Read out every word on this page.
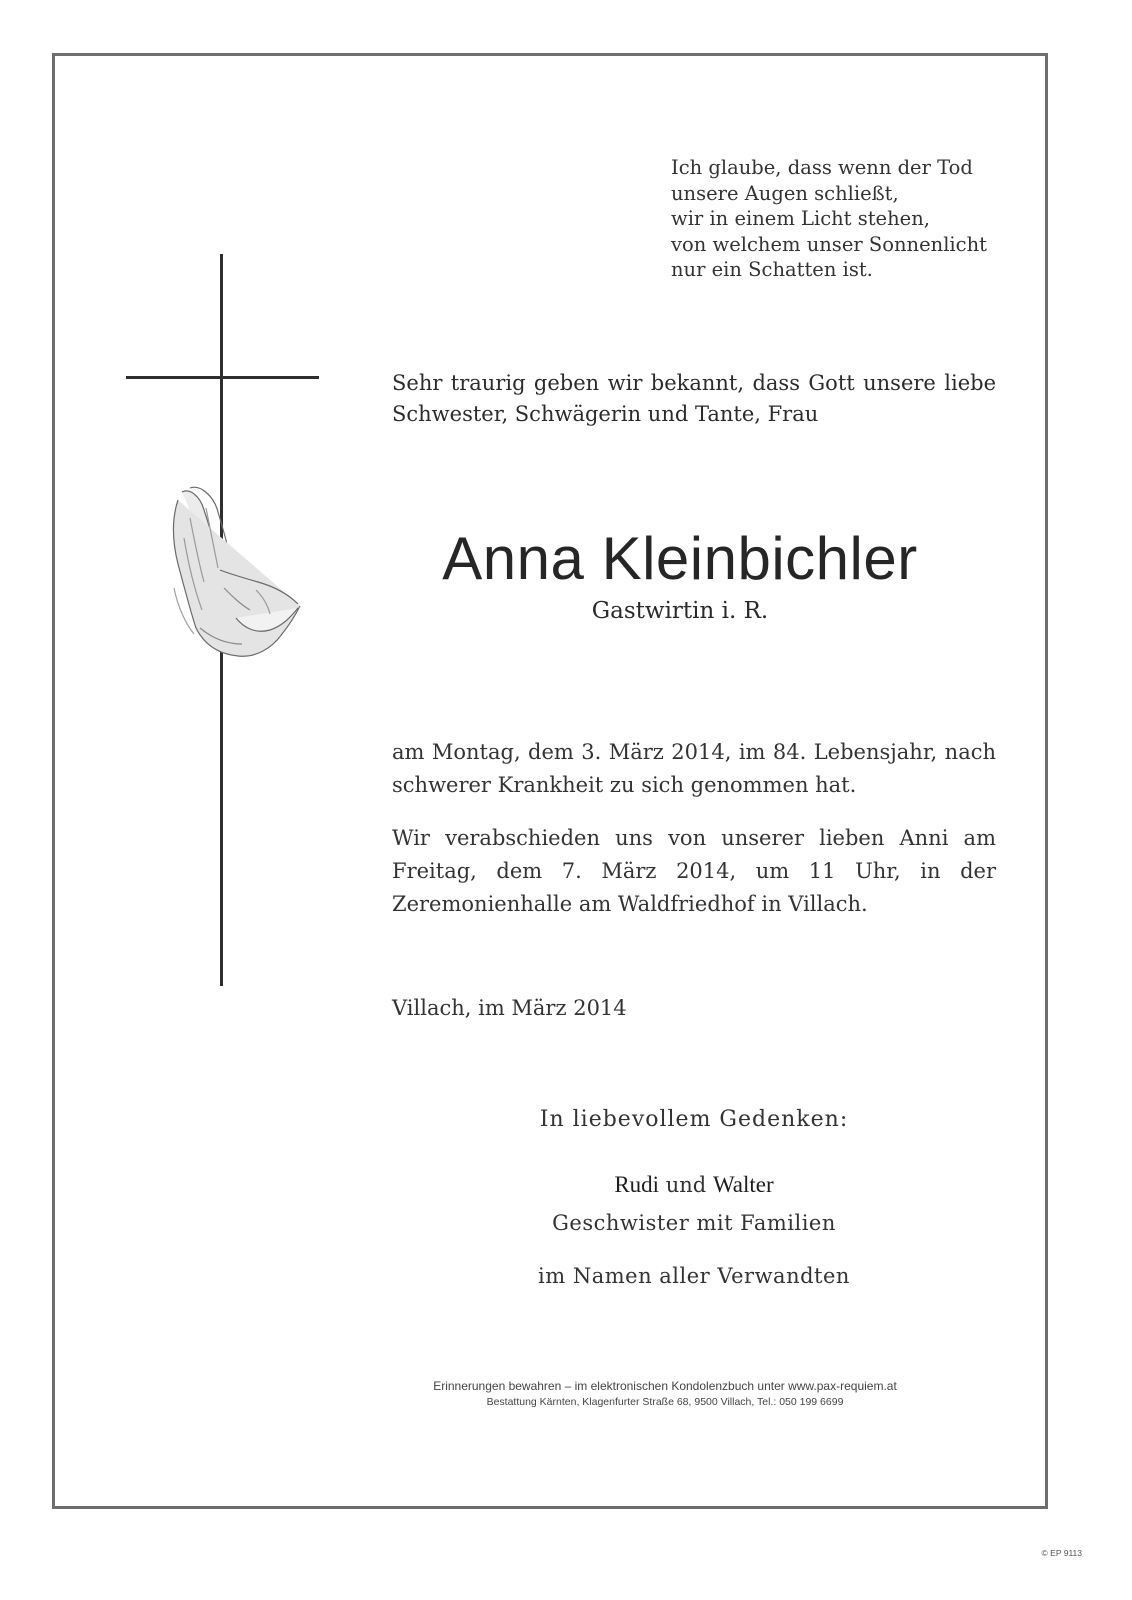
Ich glaube, dass wenn der Tod
unsere Augen schließt,
wir in einem Licht stehen,
von welchem unser Sonnenlicht
nur ein Schatten ist.
Sehr traurig geben wir bekannt, dass Gott unsere liebe
Schwester, Schwägerin und Tante, Frau
Anna Kleinbichler
Gastwirtin i. R.
am Montag, dem 3. März 2014, im 84. Lebensjahr, nach
schwerer Krankheit zu sich genommen hat.
Wir verabschieden uns von unserer lieben Anni am
Freitag, dem 7. März 2014, um 11 Uhr, in der
Zeremonienhalle am Waldfriedhof in Villach.
Villach, im März 2014
In liebevollem Gedenken:
Rudi und Walter
Geschwister mit Familien
im Namen aller Verwandten
Erinnerungen bewahren – im elektronischen Kondolenzbuch unter www.pax-requiem.at
Bestattung Kärnten, Klagenfurter Straße 68, 9500 Villach, Tel.: 050 199 6699
© EP 9113
